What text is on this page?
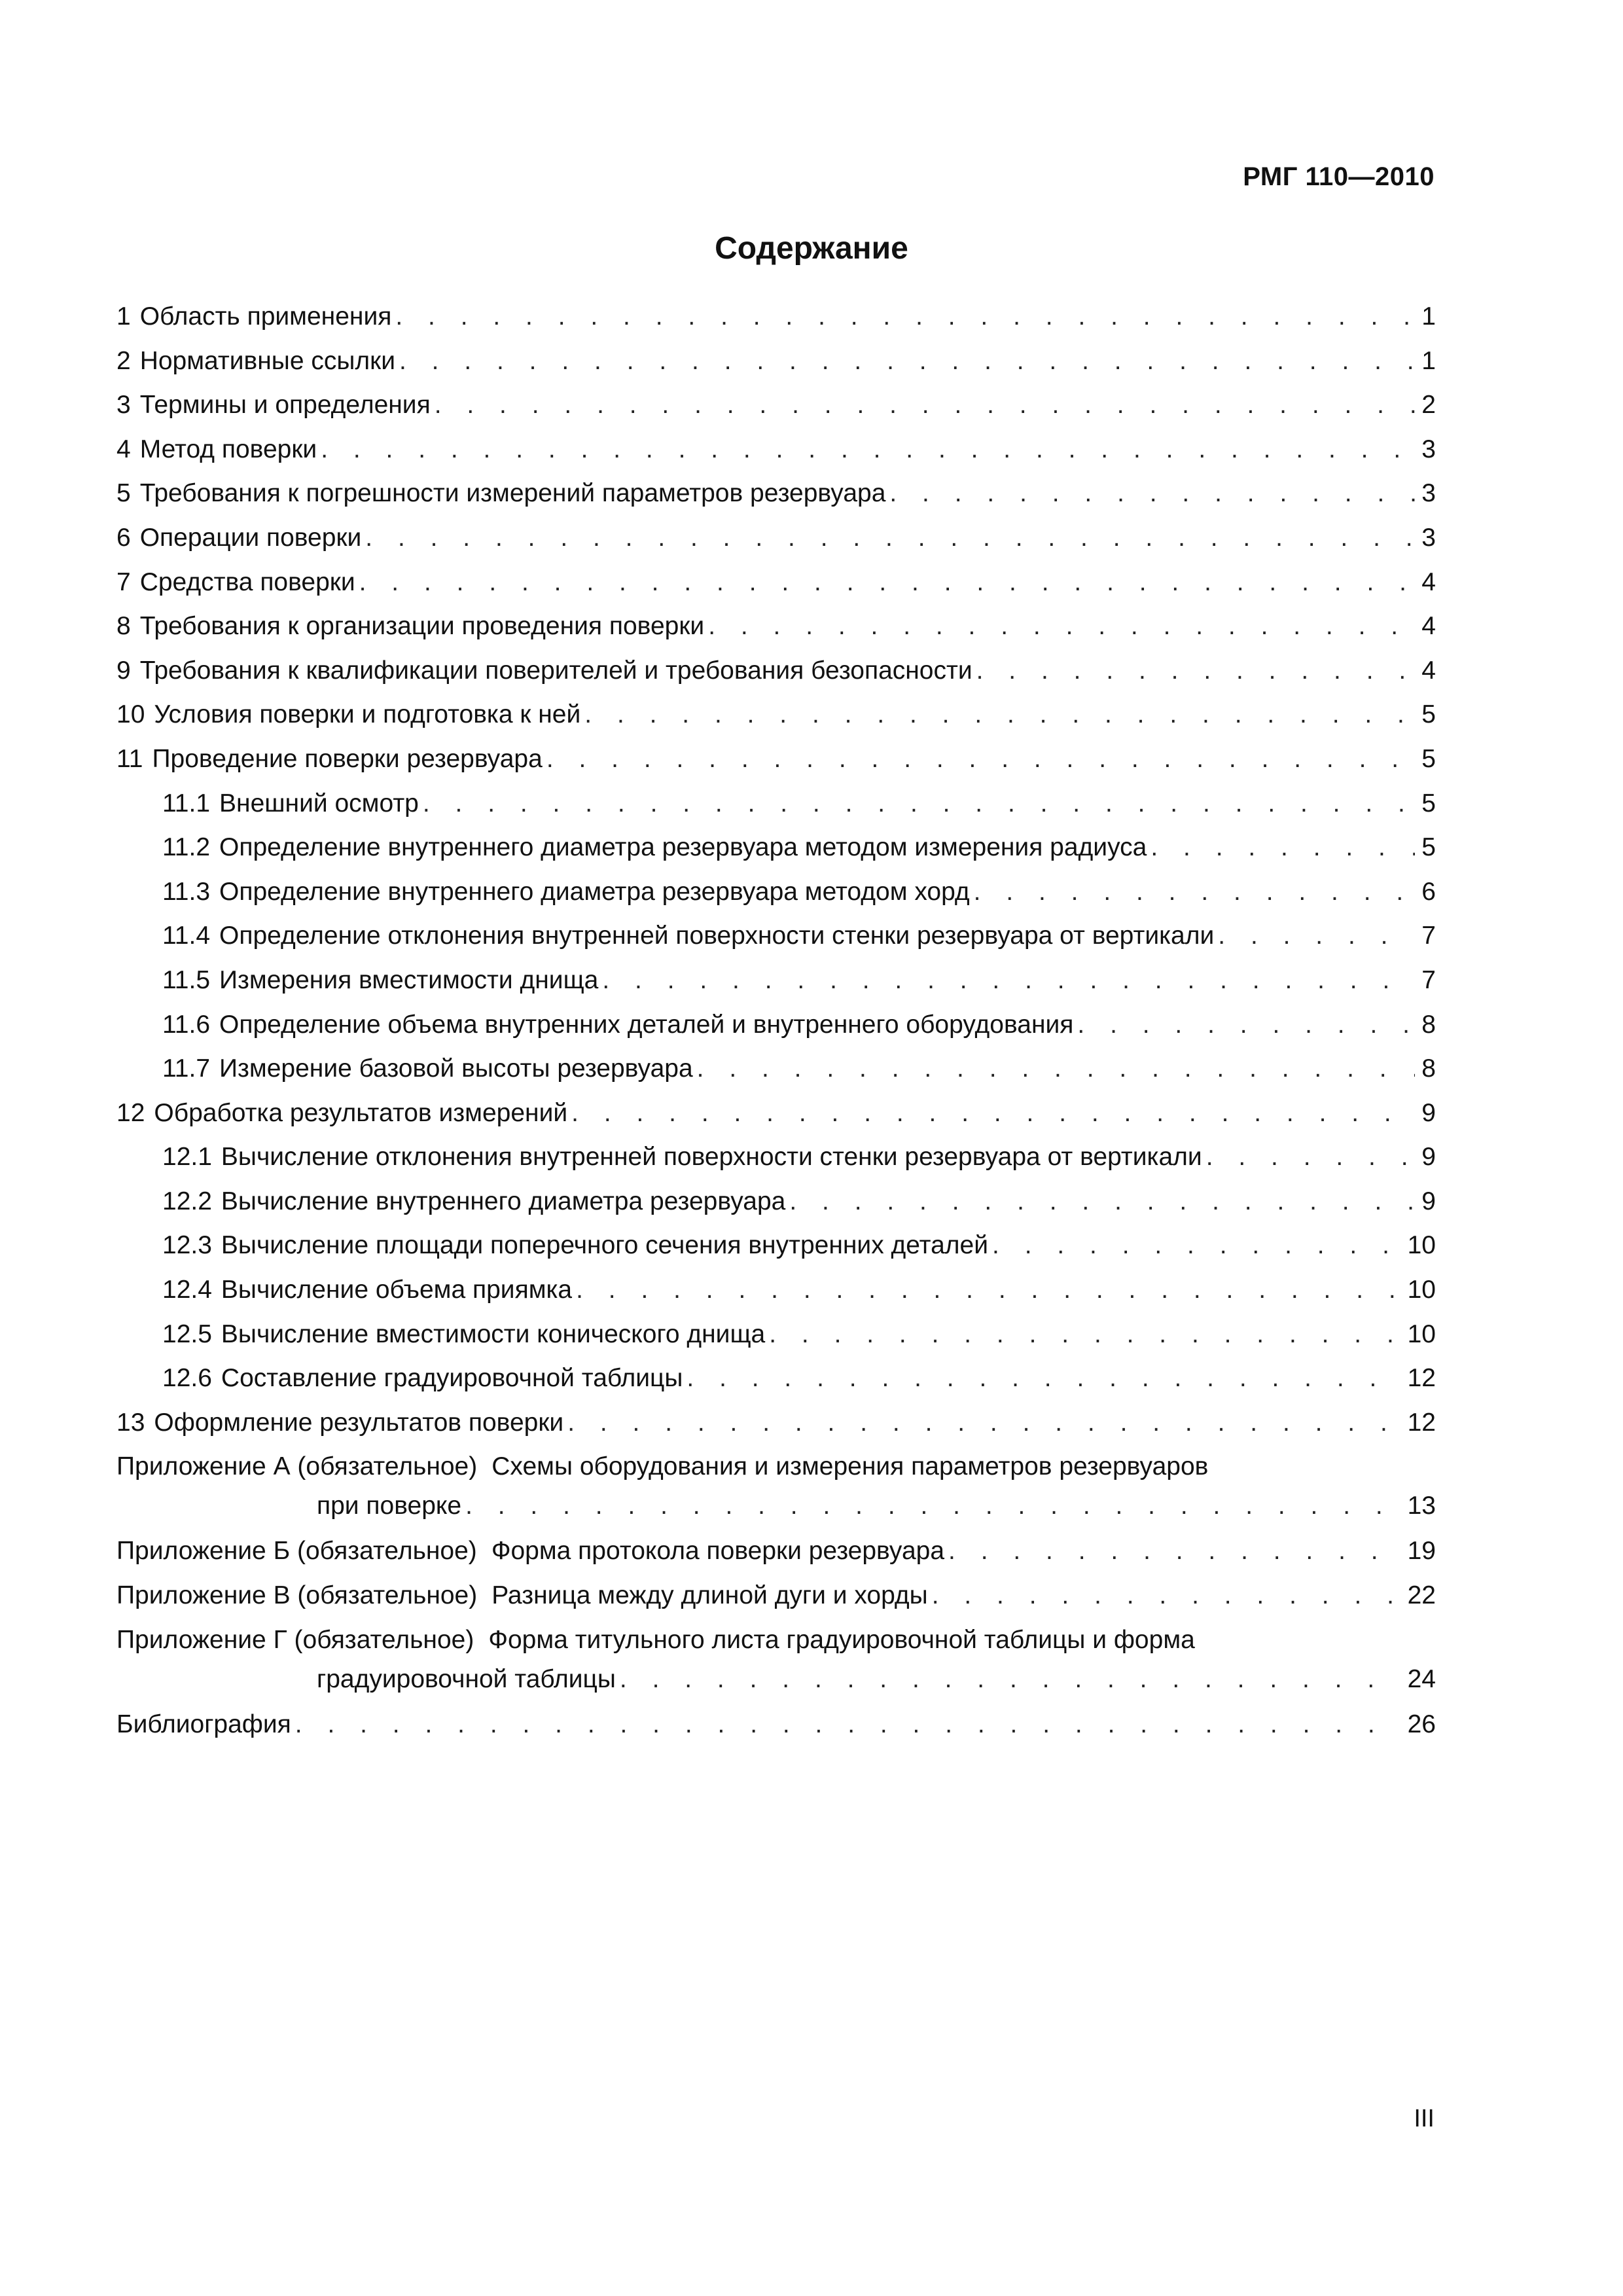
РМГ 110—2010
Содержание
1 Область применения . . .	1
2 Нормативные ссылки . . .	1
3 Термины и определения . . .	2
4 Метод поверки . . .	3
5 Требования к погрешности измерений параметров резервуара . . .	3
6 Операции поверки . . .	3
7 Средства поверки . . .	4
8 Требования к организации проведения поверки . . .	4
9 Требования к квалификации поверителей и требования безопасности . . .	4
10 Условия поверки и подготовка к ней . . .	5
11 Проведение поверки резервуара . . .	5
11.1 Внешний осмотр . . .	5
11.2 Определение внутреннего диаметра резервуара методом измерения радиуса . . .	5
11.3 Определение внутреннего диаметра резервуара методом хорд . . .	6
11.4 Определение отклонения внутренней поверхности стенки резервуара от вертикали . . .	7
11.5 Измерения вместимости днища . . .	7
11.6 Определение объема внутренних деталей и внутреннего оборудования . . .	8
11.7 Измерение базовой высоты резервуара . . .	8
12 Обработка результатов измерений . . .	9
12.1 Вычисление отклонения внутренней поверхности стенки резервуара от вертикали . . .	9
12.2 Вычисление внутреннего диаметра резервуара . . .	9
12.3 Вычисление площади поперечного сечения внутренних деталей . . .	10
12.4 Вычисление объема приямка . . .	10
12.5 Вычисление вместимости конического днища . . .	10
12.6 Составление градуировочной таблицы . . .	12
13 Оформление результатов поверки . . .	12
Приложение А (обязательное) Схемы оборудования и измерения параметров резервуаров
при поверке . . .	13
Приложение Б (обязательное) Форма протокола поверки резервуара . . .	19
Приложение В (обязательное) Разница между длиной дуги и хорды . . .	22
Приложение Г (обязательное) Форма титульного листа градуировочной таблицы и форма
градуировочной таблицы . . .	24
Библиография . . .	26
III
